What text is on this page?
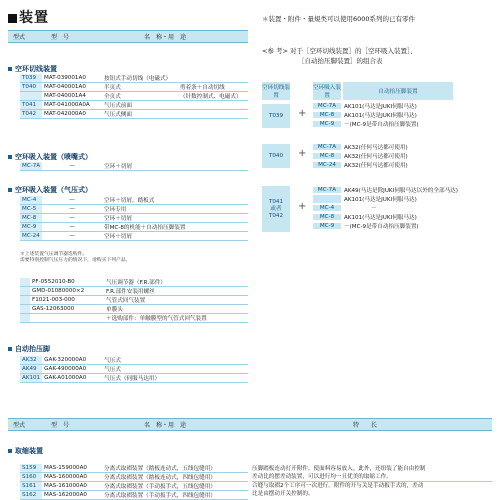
装置	＊装置・附件・量規类可以使用6000系列的已有零件
型式	型　号	名　称・用　途
空环切线装置
T039	MAT-039001A0	按钮式手动切线（电磁式）	
T040	MAT-040001A0	半页式	剪着条＋自动切线
	MAT-040001A4	全页式	（针数控制式、电磁式）
T041	MAT-041000A0A	气压式前面	
T042	MAT-042000A0	气压式侧面	
空环吸入装置（喷嘴式）
MC-7A	—	空环＋切屑
空环吸入装置（气压式）
MC-4	—	空环＋切屑，踏板式
MC-5	—	空环专用
MC-8	—	空环＋切屑
MC-9	—	带MC-8的机能＋自动抬压脚装置
MC-24	—	空环＋切屑
＊上述装置气压调节器选购件。
需要特别控制气压压力的情况下，请购买下列产品。
	PF-0552010-B0	气压调节器（F.R.部件）
	GMD-01080000×2	F.R.部件安装用螺丝
	F1021-003-000	气管式回气装置
	GAS-12063000	单膜头
		＋选购部件：单触膜型的气管式回气装置
自动抬压脚
AK32	GAK-320000A0	气压式
AK49	GAK-490000A0	气压式
AK101	GAK-A01000A0	气压式（伺服马达用）
<参 考> 对于［空环切线装置］的［空环吸入装置］、
［自动抬压脚装置］的组合表
空环切线装置
空环吸入装置
自动抬压脚装置
T039	+
MC-7A	AK101(马达是JUKI伺服马达)
MC-8	AK101(马达是JUKI伺服马达)
MC-9	－(MC-9是带自动抬压脚装置)
T040	+
MC-7A	AK32(任何马达都可使用)
MC-8	AK32(任何马达都可使用)
MC-24	AK32(任何马达都可使用)
T041
或者
T042
+
MC-7A	AK49(马达是除JUKI伺服马达以外的全部马达)
AK101(马达是JUKI伺服马达)
MC-4	－
MC-8	AK101(马达是JUKI伺服马达)
MC-9	－(MC-9是带自动抬压脚装置)
型式	型　号	名　称・用　途	特　　长
取缩装置
S159	MAS-159000A0	分离式取褶装置（踏板连动式，五线包缝用）
S160	MAS-160000A0	分离式取褶装置（踏板连动式，四线包缝用）
S161	MAS-161000A0	分离式取褶装置（手动扳手式，五线包缝用）
S162	MAS-162000A0	分离式取褶装置（手动扳手式，四线包缝用）
压脚踏板连动打开附件，使面料容易放入。此外，还组装了能自由控制
差动比的摆差动装置，可以进行均一且优美的取缩工作。
合缝与取褶2个工序可一次进行。附件的开与关是手动扳手式的，差动
比是由摆动开关控制的。
